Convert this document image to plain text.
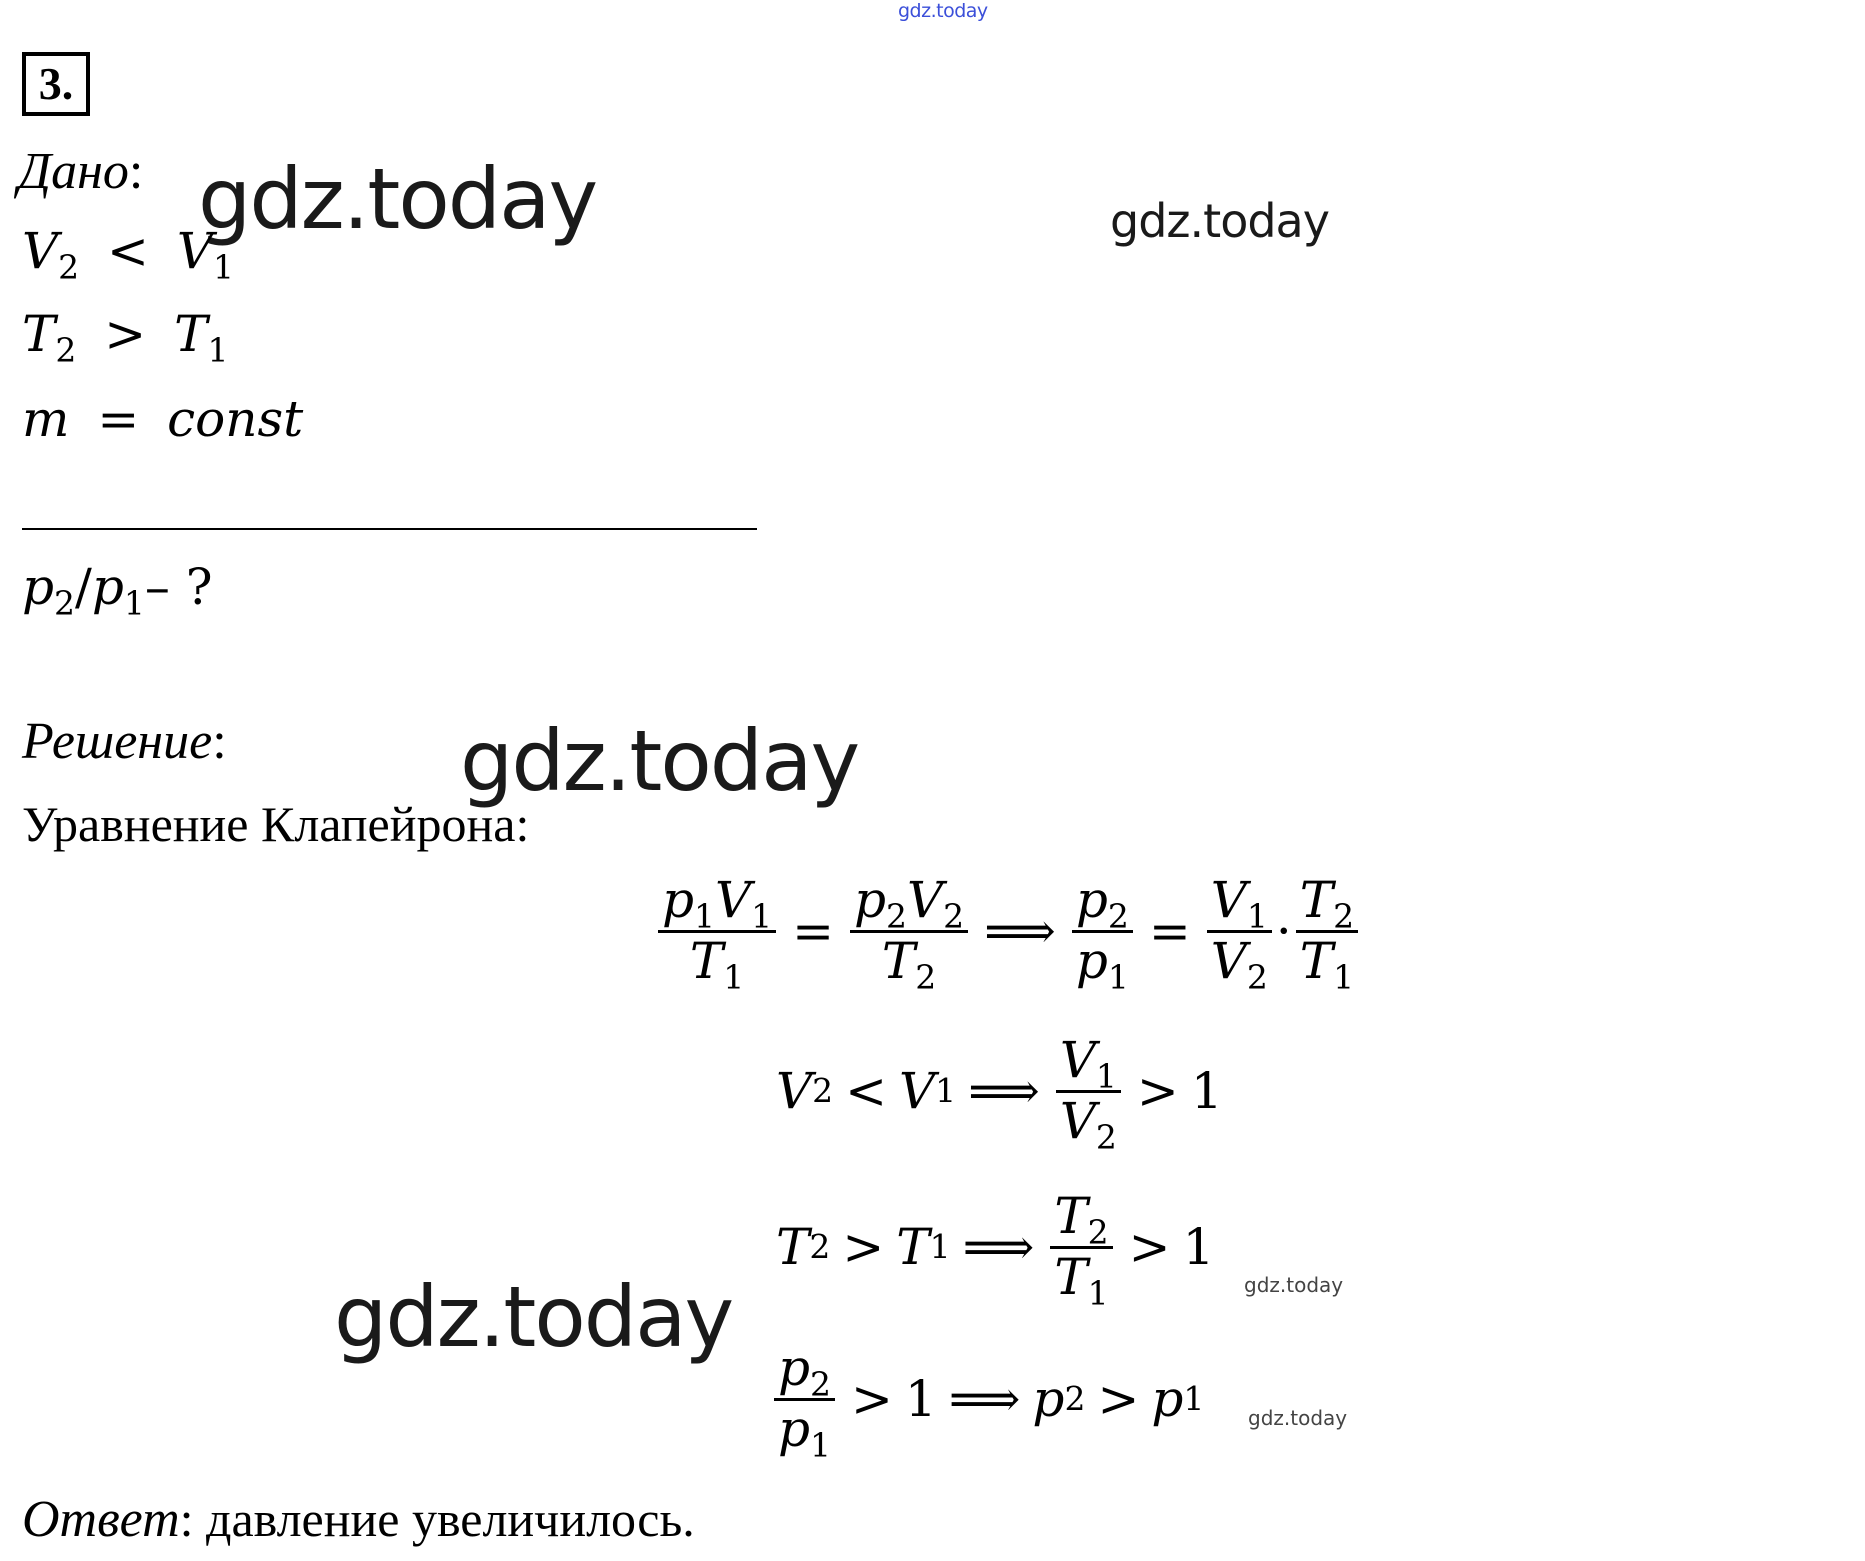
gdz.today
gdz.today	gdz.today
gdz.today
gdz.today	gdz.today
gdz.today
3.
Дано:
$V_2 < V_1$
$T_2 > T_1$
m = const
$p_2/p_1-$ ?
Решение:
Уравнение Клапейрона:
$\frac{p_1V_1}{T_1} = \frac{p_2V_2}{T_2}$ ⟹ $\frac{p_2}{p_1} = \frac{V_1}{V_2} \cdot \frac{T_2}{T_1}$
V 2 < V 1 ⟹ $\frac{V_1}{V_2} > 1$
T 2 > T 1 ⟹ $\frac{T_2}{T_1} > 1$
$\frac{p_2}{p_1} > 1$ ⟹ p 2 > p 1
Ответ: давление увеличилось.
